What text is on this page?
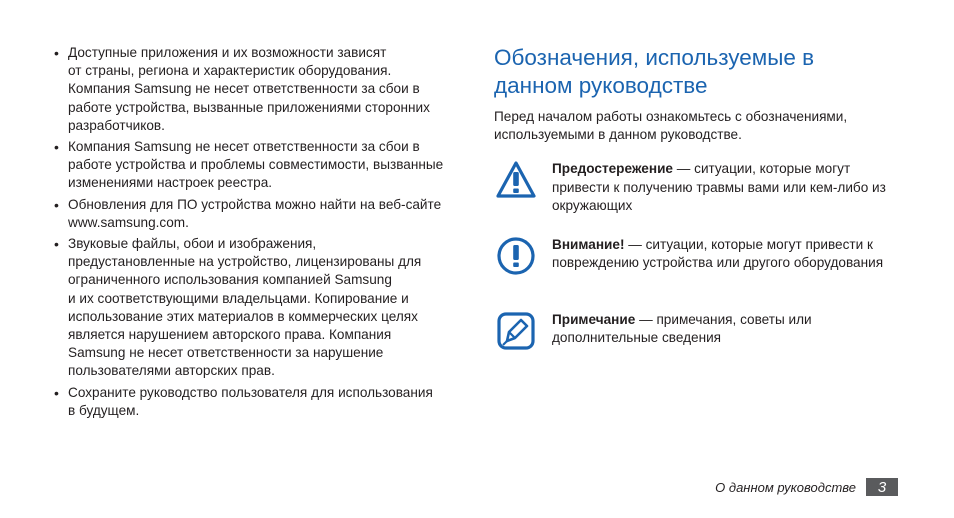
• Доступные приложения и их возможности зависят
от страны, региона и характеристик оборудования.
Компания Samsung не несет ответственности за сбои в
работе устройства, вызванные приложениями сторонних
разработчиков.
• Компания Samsung не несет ответственности за сбои в
работе устройства и проблемы совместимости, вызванные
изменениями настроек реестра.
• Обновления для ПО устройства можно найти на веб-сайте
www.samsung.com.
• Звуковые файлы, обои и изображения,
предустановленные на устройство, лицензированы для
ограниченного использования компанией Samsung
и их соответствующими владельцами. Копирование и
использование этих материалов в коммерческих целях
является нарушением авторского права. Компания
Samsung не несет ответственности за нарушение
пользователями авторских прав.
• Сохраните руководство пользователя для использования
в будущем.
Обозначения, используемые в
данном руководстве

Перед началом работы ознакомьтесь с обозначениями,
используемыми в данном руководстве.

Предостережение — ситуации, которые могут привести к получению травмы вами или кем-либо из окружающих
Внимание! — ситуации, которые могут привести к повреждению устройства или другого оборудования
Примечание — примечания, советы или дополнительные сведения
О данном руководстве	3
